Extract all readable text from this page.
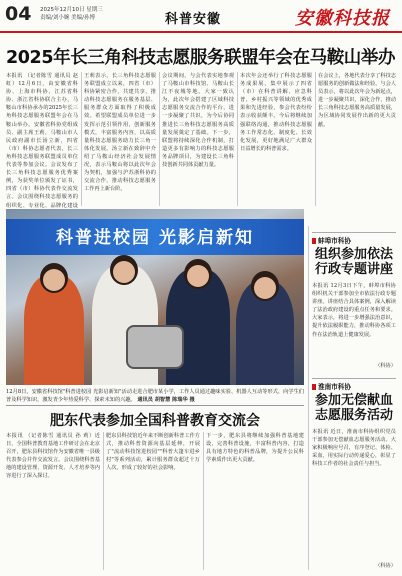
04 2025年12月10日 星期三
责编/刘小婉 美编/孙博	科普安徽	安徽科技报
2025年长三角科技志愿服务联盟年会在马鞍山举办
本报讯 （记者陈雪 通讯员 赵 虹）12月6日，由安徽省科协、上海市科协、江苏省科协、浙江省科协联合主办，马鞍山市科协承办的2025年长三角科技志愿服务联盟年会在马鞍山举办。安徽省科协党组成员、副主席王莉，马鞍山市人民政府副市长汤立新，四省（市）科协志愿者代表，长三角科技志愿服务联盟成员单位代表等参加会议。会议发布了长三角科技志愿服务优秀案例，为获奖单位颁发了证书，四省（市）科协代表作交流发言。会议围绕科技志愿服务的组织化、专业化、品牌化建设
王莉表示，长三角科技志愿服务联盟成立以来，四省（市）科协紧密合作，共建共享，推动科技志愿服务在服务基层、服务群众方面取得了积极成效。希望联盟成员单位进一步发挥示范引领作用，创新服务模式，丰富服务内容，以高质量科技志愿服务助力长三角一体化发展。汤立新在致辞中介绍了马鞍山经济社会发展情况，表示马鞍山将以此次年会为契机，加强与沪苏浙科协的交流合作，推动科技志愿服务工作再上新台阶。
会议期间，与会代表实地参观了马鞍山市科技馆、马鞍山长江不夜城等地。大家一致认为，此次年会搭建了区域科技志愿服务交流合作的平台，进一步凝聚了共识，为今后协同推进长三角科技志愿服务高质量发展奠定了基础。下一步，联盟将持续深化合作机制，打造更多有影响力的科技志愿服务品牌项目，为建设长三角科技创新共同体贡献力量。
本次年会还举行了科技志愿服务成果展，集中展示了四省（市）在科普讲解、应急科普、乡村振兴等领域的优秀成果和先进经验，参会代表纷纷表示收获颇丰。今后将继续加强联络沟通，推动科技志愿服务工作常态化、制度化、长效化发展，更好地满足广大群众日益增长的科普需求。
在会议上，各地代表分享了科技志愿服务的创新做法和经验。与会人员表示，将以此次年会为新起点，进一步凝聚共识，深化合作，推动长三角科技志愿服务高质量发展，为区域协同发展作出新的更大贡献。
科普进校园 光影启新知	蚌埠市科协
组织参加依法行政专题讲座
本报讯 12月3日下午，蚌埠市科协组织机关干部参加全市依法行政专题讲座。讲座结合具体案例，深入解读了法治政府建设的重点任务和要求。大家表示，将进一步增强法治意识，提升依法履职能力，推动科协各项工作在法治轨道上健康发展。
（科协）
淮南市科协
参加无偿献血志愿服务活动
本报讯 近日，淮南市科协组织党员干部参加无偿献血志愿服务活动。大家积极响应号召，有序登记、体检、采血，用实际行动传递爱心，彰显了科技工作者的社会责任与担当。
（科协）
12月8日，安徽省科技馆"科普进校园 光影启新知"活动走进合肥市某小学，工作人员通过趣味实验、机器人互动等形式，向学生们普及科学知识，激发青少年热爱科学、探索未知的兴趣。 通讯员 胡智慧 陈瑞华 摄
肥东代表参加全国科普教育交流会
本报讯 （记者陈雪 通讯员 孙 莉）近日，全国科普教育基地工作研讨会在北京召开，肥东县科技馆作为安徽省唯一县级代表参会并作交流发言。会议围绕科普基地的建设管理、资源开发、人才培养等内容进行了深入探讨。
肥东县科技馆近年来不断创新科普工作方式，推动科普资源向基层延伸，开展了"流动科技馆进校园""科普大篷车进乡村"等系列活动，累计服务群众超过十万人次，形成了较好的社会影响。
下一步，肥东县将继续加强科普基地建设，完善科普设施，丰富科普内容，打造具有地方特色的科普品牌，为提升公民科学素质作出更大贡献。
